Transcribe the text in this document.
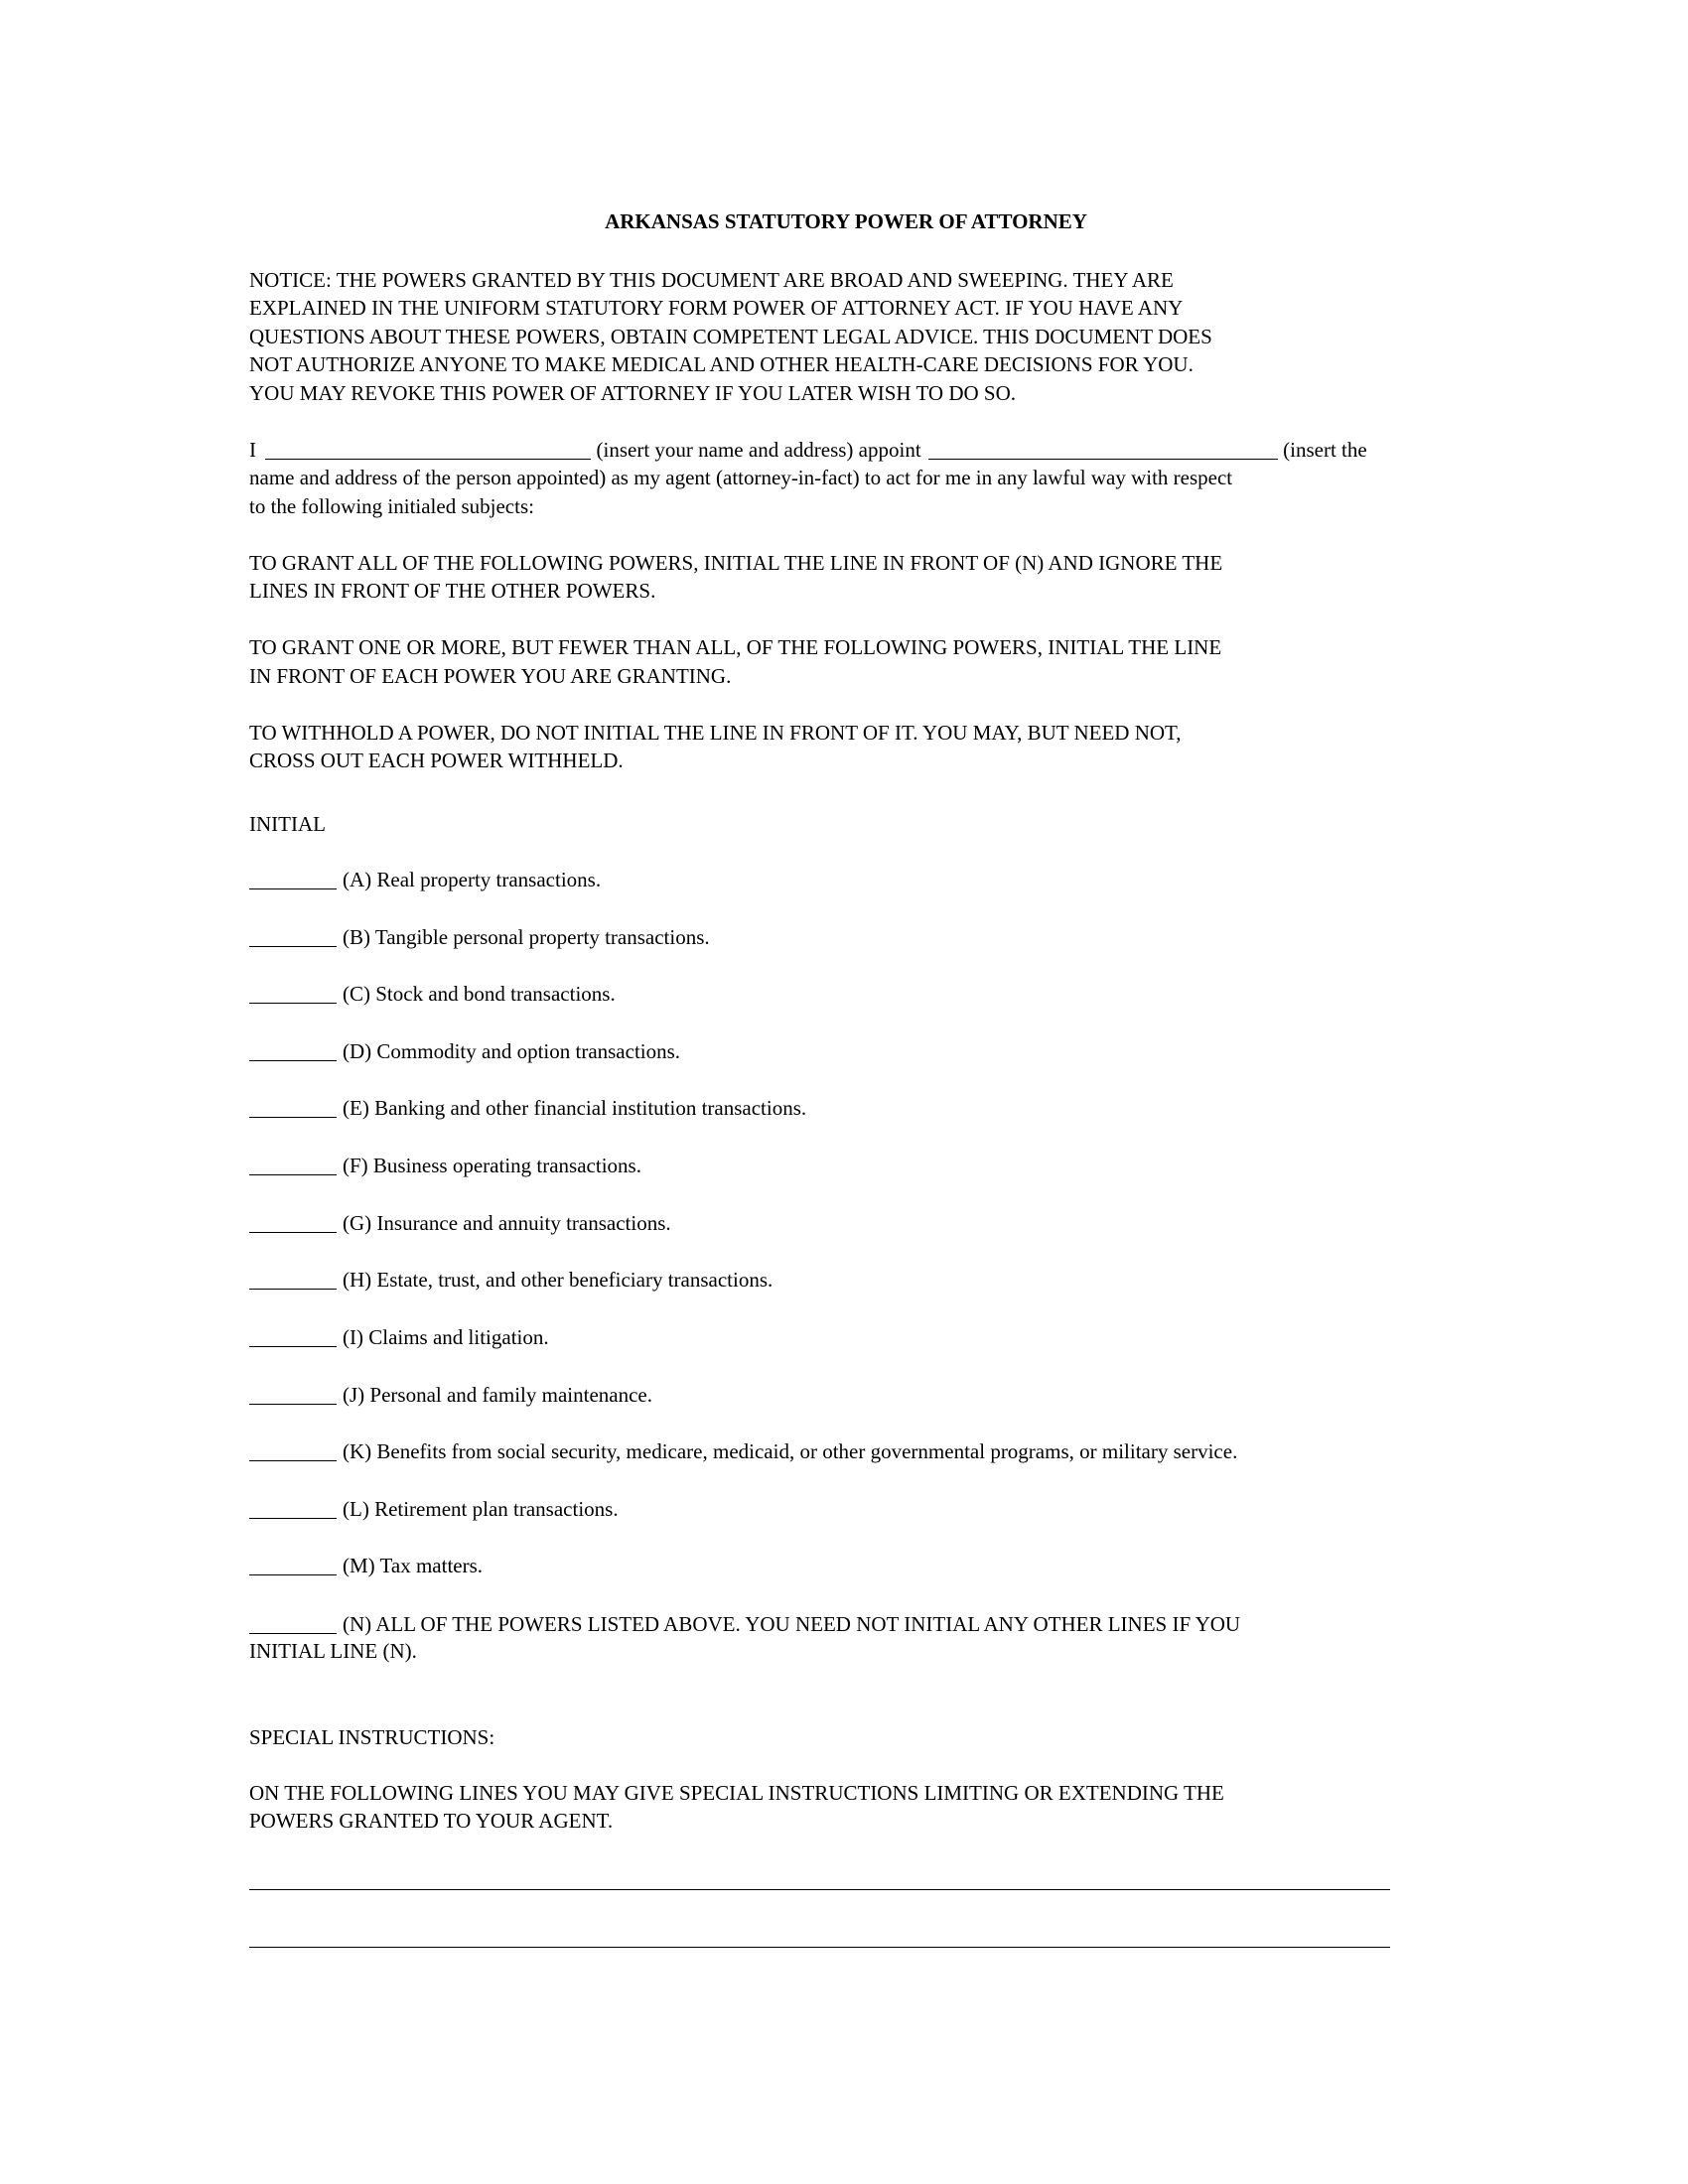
ARKANSAS STATUTORY POWER OF ATTORNEY
NOTICE: THE POWERS GRANTED BY THIS DOCUMENT ARE BROAD AND SWEEPING. THEY ARE
EXPLAINED IN THE UNIFORM STATUTORY FORM POWER OF ATTORNEY ACT. IF YOU HAVE ANY
QUESTIONS ABOUT THESE POWERS, OBTAIN COMPETENT LEGAL ADVICE. THIS DOCUMENT DOES
NOT AUTHORIZE ANYONE TO MAKE MEDICAL AND OTHER HEALTH-CARE DECISIONS FOR YOU.
YOU MAY REVOKE THIS POWER OF ATTORNEY IF YOU LATER WISH TO DO SO.
I	(insert your name and address) appoint	(insert the
name and address of the person appointed) as my agent (attorney-in-fact) to act for me in any lawful way with respect
to the following initialed subjects:
TO GRANT ALL OF THE FOLLOWING POWERS, INITIAL THE LINE IN FRONT OF (N) AND IGNORE THE
LINES IN FRONT OF THE OTHER POWERS.
TO GRANT ONE OR MORE, BUT FEWER THAN ALL, OF THE FOLLOWING POWERS, INITIAL THE LINE
IN FRONT OF EACH POWER YOU ARE GRANTING.
TO WITHHOLD A POWER, DO NOT INITIAL THE LINE IN FRONT OF IT. YOU MAY, BUT NEED NOT,
CROSS OUT EACH POWER WITHHELD.
INITIAL
(A) Real property transactions.
(B) Tangible personal property transactions.
(C) Stock and bond transactions.
(D) Commodity and option transactions.
(E) Banking and other financial institution transactions.
(F) Business operating transactions.
(G) Insurance and annuity transactions.
(H) Estate, trust, and other beneficiary transactions.
(I) Claims and litigation.
(J) Personal and family maintenance.
(K) Benefits from social security, medicare, medicaid, or other governmental programs, or military service.
(L) Retirement plan transactions.
(M) Tax matters.
(N) ALL OF THE POWERS LISTED ABOVE. YOU NEED NOT INITIAL ANY OTHER LINES IF YOU
INITIAL LINE (N).
SPECIAL INSTRUCTIONS:
ON THE FOLLOWING LINES YOU MAY GIVE SPECIAL INSTRUCTIONS LIMITING OR EXTENDING THE
POWERS GRANTED TO YOUR AGENT.
